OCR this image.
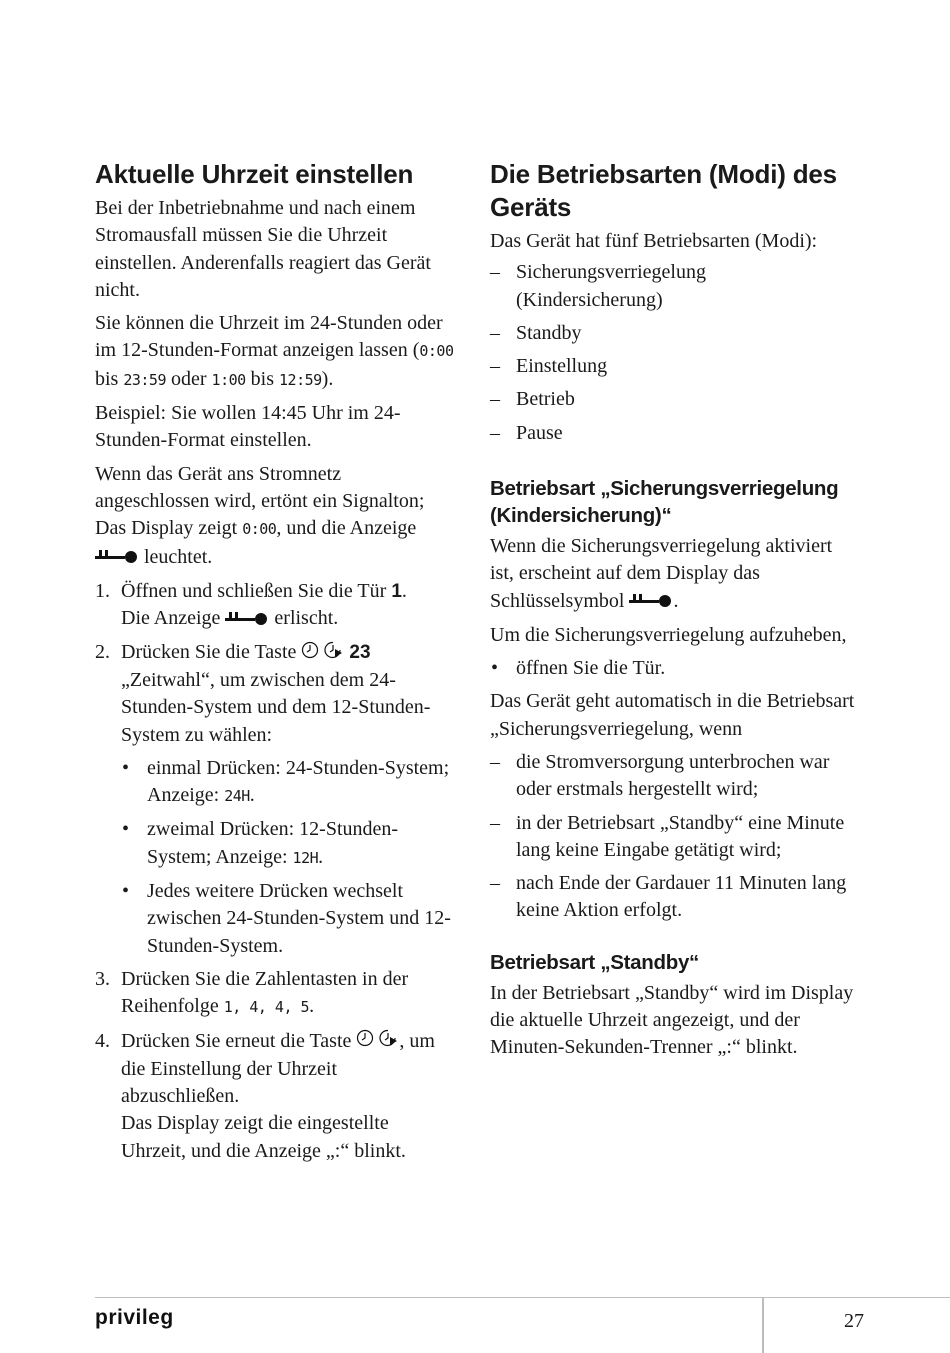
Aktuelle Uhrzeit einstellen

Bei der Inbetriebnahme und nach einem Stromausfall müssen Sie die Uhrzeit einstellen. Anderenfalls reagiert das Gerät nicht.

Sie können die Uhrzeit im 24-Stunden oder im 12-Stunden-Format anzeigen lassen (0:00 bis 23:59 oder 1:00 bis 12:59).

Beispiel: Sie wollen 14:45 Uhr im 24-Stunden-Format einstellen.

Wenn das Gerät ans Stromnetz angeschlossen wird, ertönt ein Signalton; Das Display zeigt 0:00, und die Anzeige  leuchtet.

1. Öffnen und schließen Sie die Tür 1.
Die Anzeige  erlischt.
2. Drücken Sie die Taste	23 „Zeitwahl“, um zwischen dem 24-Stunden-System und dem 12-Stunden-System zu wählen:
• einmal Drücken: 24-Stunden-System; Anzeige: 24H.
• zweimal Drücken: 12-Stunden-System; Anzeige: 12H.
• Jedes weitere Drücken wechselt zwischen 24-Stunden-System und 12-Stunden-System.
3. Drücken Sie die Zahlentasten in der Reihenfolge 1, 4, 4, 5.
4. Drücken Sie erneut die Taste  , um die Einstellung der Uhrzeit abzuschließen.
Das Display zeigt die eingestellte Uhrzeit, und die Anzeige „:“ blinkt.
Die Betriebsarten (Modi) des Geräts

Das Gerät hat fünf Betriebsarten (Modi):

– Sicherungsverriegelung (Kindersicherung)
– Standby
– Einstellung
– Betrieb
– Pause
Betriebsart „Sicherungsverriegelung (Kindersicherung)“

Wenn die Sicherungsverriegelung aktiviert ist, erscheint auf dem Display das Schlüsselsymbol .

Um die Sicherungsverriegelung aufzuheben,

• öffnen Sie die Tür.

Das Gerät geht automatisch in die Betriebsart „Sicherungsverriegelung, wenn

– die Stromversorgung unterbrochen war oder erstmals hergestellt wird;
– in der Betriebsart „Standby“ eine Minute lang keine Eingabe getätigt wird;
– nach Ende der Gardauer 11 Minuten lang keine Aktion erfolgt.
Betriebsart „Standby“

In der Betriebsart „Standby“ wird im Display die aktuelle Uhrzeit angezeigt, und der Minuten-Sekunden-Trenner „:“ blinkt.

privileg	27
